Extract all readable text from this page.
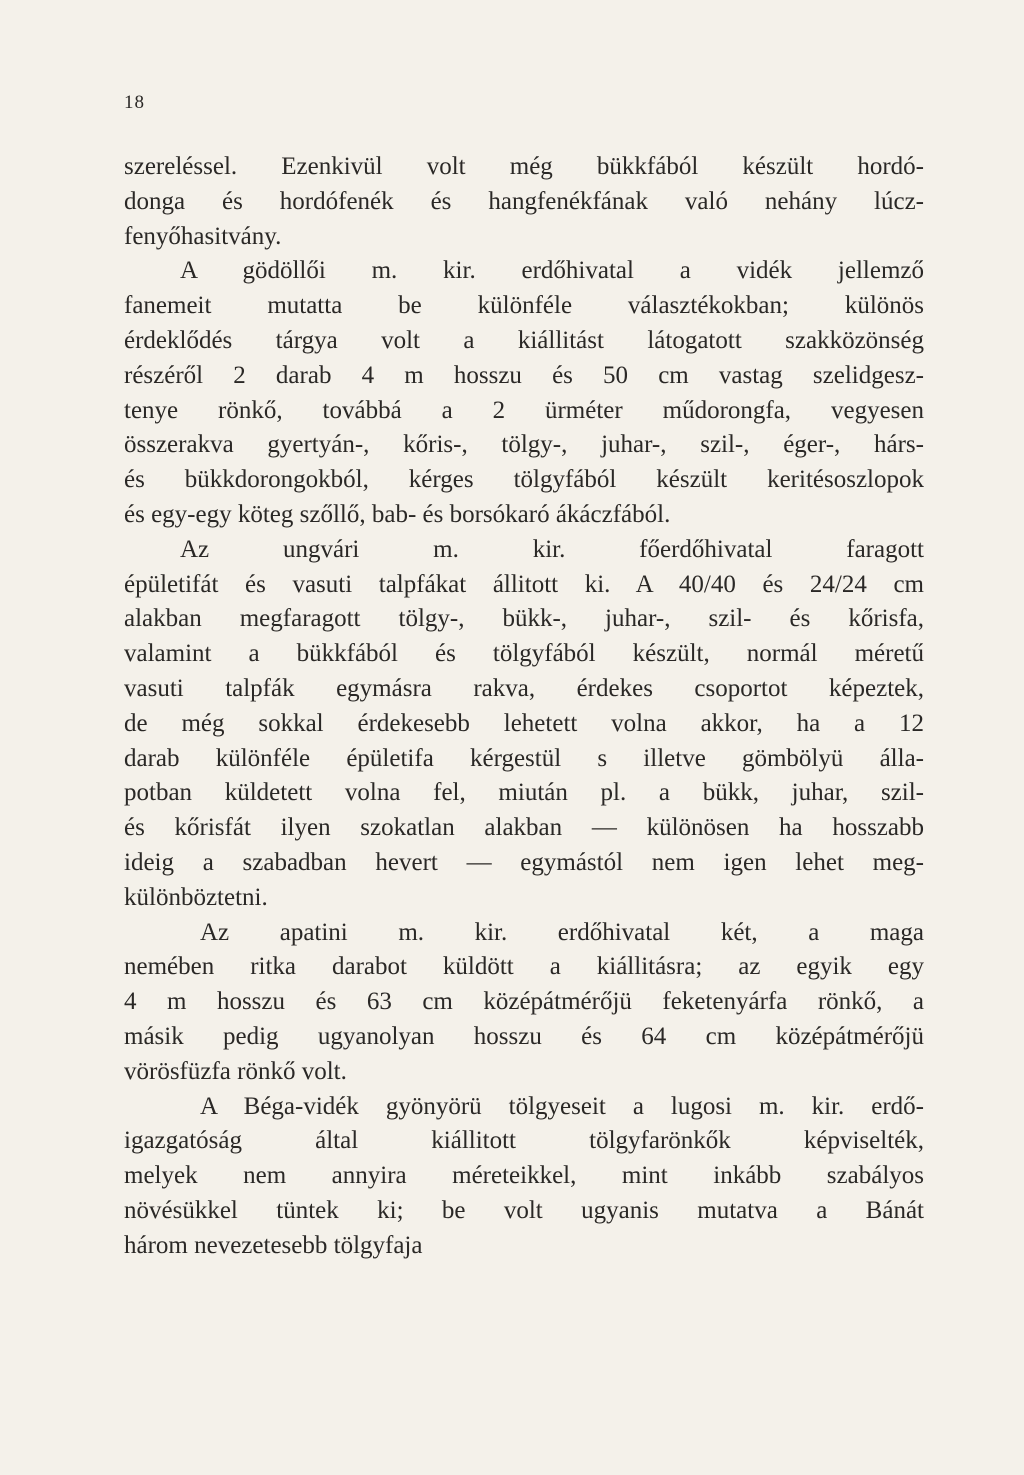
18
szereléssel. Ezenkivül volt még bükkfából készült hordó-
donga és hordófenék és hangfenékfának való nehány lúcz-
fenyőhasitvány.
A gödöllői m. kir. erdőhivatal a vidék jellemző
fanemeit mutatta be különféle választékokban; különös
érdeklődés tárgya volt a kiállitást látogatott szakközönség
részéről 2 darab 4 m hosszu és 50 cm vastag szelidgesz-
tenye rönkő, továbbá a 2 ürméter műdorongfa, vegyesen
összerakva gyertyán-, kőris-, tölgy-, juhar-, szil-, éger-, hárs-
és bükkdorongokból, kérges tölgyfából készült keritésoszlopok
és egy-egy köteg szőllő, bab- és borsókaró ákáczfából.
Az ungvári m. kir. főerdőhivatal faragott
épületifát és vasuti talpfákat állitott ki. A 40/40 és 24/24 cm
alakban megfaragott tölgy-, bükk-, juhar-, szil- és kőrisfa,
valamint a bükkfából és tölgyfából készült, normál méretű
vasuti talpfák egymásra rakva, érdekes csoportot képeztek,
de még sokkal érdekesebb lehetett volna akkor, ha a 12
darab különféle épületifa kérgestül s illetve gömbölyü álla-
potban küldetett volna fel, miután pl. a bükk, juhar, szil-
és kőrisfát ilyen szokatlan alakban — különösen ha hosszabb
ideig a szabadban hevert — egymástól nem igen lehet meg-
különböztetni.
Az apatini m. kir. erdőhivatal két, a maga
nemében ritka darabot küldött a kiállitásra; az egyik egy
4 m hosszu és 63 cm középátmérőjü feketenyárfa rönkő, a
másik pedig ugyanolyan hosszu és 64 cm középátmérőjü
vörösfüzfa rönkő volt.
A Béga-vidék gyönyörü tölgyeseit a lugosi m. kir. erdő-
igazgatóság által kiállitott tölgyfarönkők képviselték,
melyek nem annyira méreteikkel, mint inkább szabályos
növésükkel tüntek ki; be volt ugyanis mutatva a Bánát
három nevezetesebb tölgyfaja
